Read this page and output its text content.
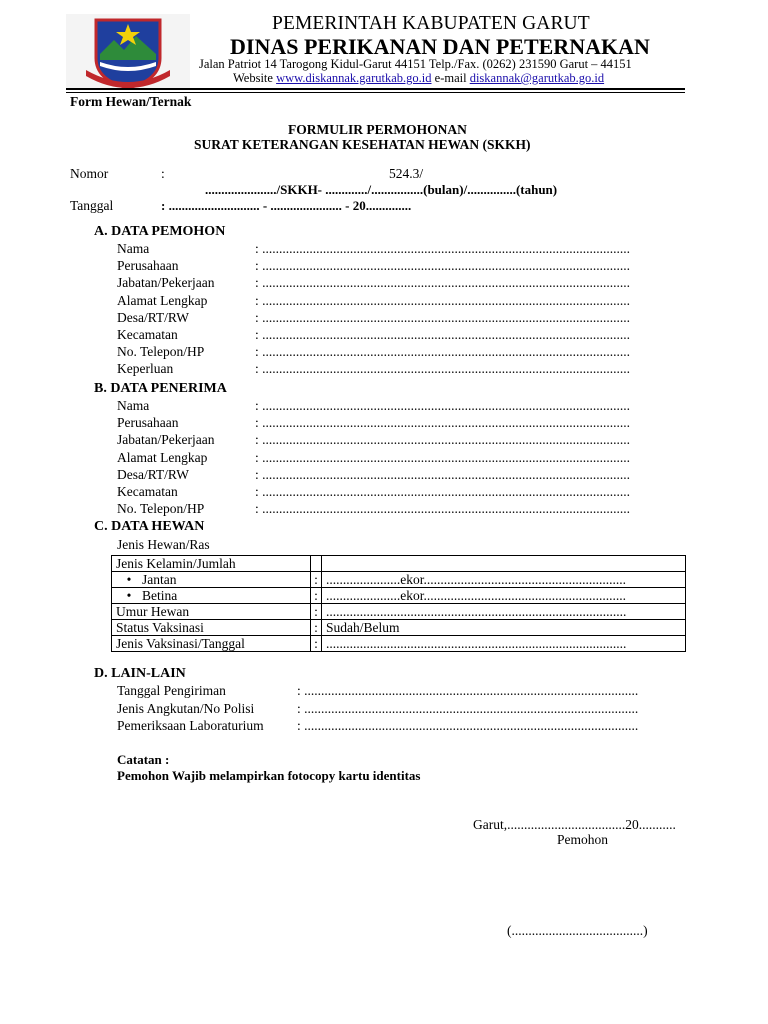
PEMERINTAH KABUPATEN GARUT
DINAS PERIKANAN DAN PETERNAKAN
Jalan Patriot 14 Tarogong Kidul-Garut 44151 Telp./Fax. (0262) 231590 Garut – 44151
Website www.diskannak.garutkab.go.id e-mail diskannak@garutkab.go.id
Form Hewan/Ternak
FORMULIR PERMOHONAN
SURAT KETERANGAN KESEHATAN HEWAN (SKKH)
Nomor	:	524.3/
....................../SKKH- ............./................(bulan)/...............(tahun)
Tanggal	: ............................ - ...................... - 20..............
A. DATA PEMOHON
Nama	: .............................................................................................................
Perusahaan	: .............................................................................................................
Jabatan/Pekerjaan	: .............................................................................................................
Alamat Lengkap	: .............................................................................................................
Desa/RT/RW	: .............................................................................................................
Kecamatan	: .............................................................................................................
No. Telepon/HP	: .............................................................................................................
Keperluan	: .............................................................................................................
B. DATA PENERIMA
Nama	: .............................................................................................................
Perusahaan	: .............................................................................................................
Jabatan/Pekerjaan	: .............................................................................................................
Alamat Lengkap	: .............................................................................................................
Desa/RT/RW	: .............................................................................................................
Kecamatan	: .............................................................................................................
No. Telepon/HP	: .............................................................................................................
C. DATA HEWAN
Jenis Hewan/Ras
Jenis Kelamin/Jumlah		
• Jantan	:	......................ekor............................................................
• Betina	:	......................ekor............................................................
Umur Hewan	:	.........................................................................................
Status Vaksinasi	:	Sudah/Belum
Jenis Vaksinasi/Tanggal	:	.........................................................................................
D. LAIN-LAIN
Tanggal Pengiriman	: ...................................................................................................
Jenis Angkutan/No Polisi	: ...................................................................................................
Pemeriksaan Laboraturium : ...................................................................................................
Catatan :
Pemohon Wajib melampirkan fotocopy kartu identitas
Garut,...................................20...........
Pemohon
(.......................................)
